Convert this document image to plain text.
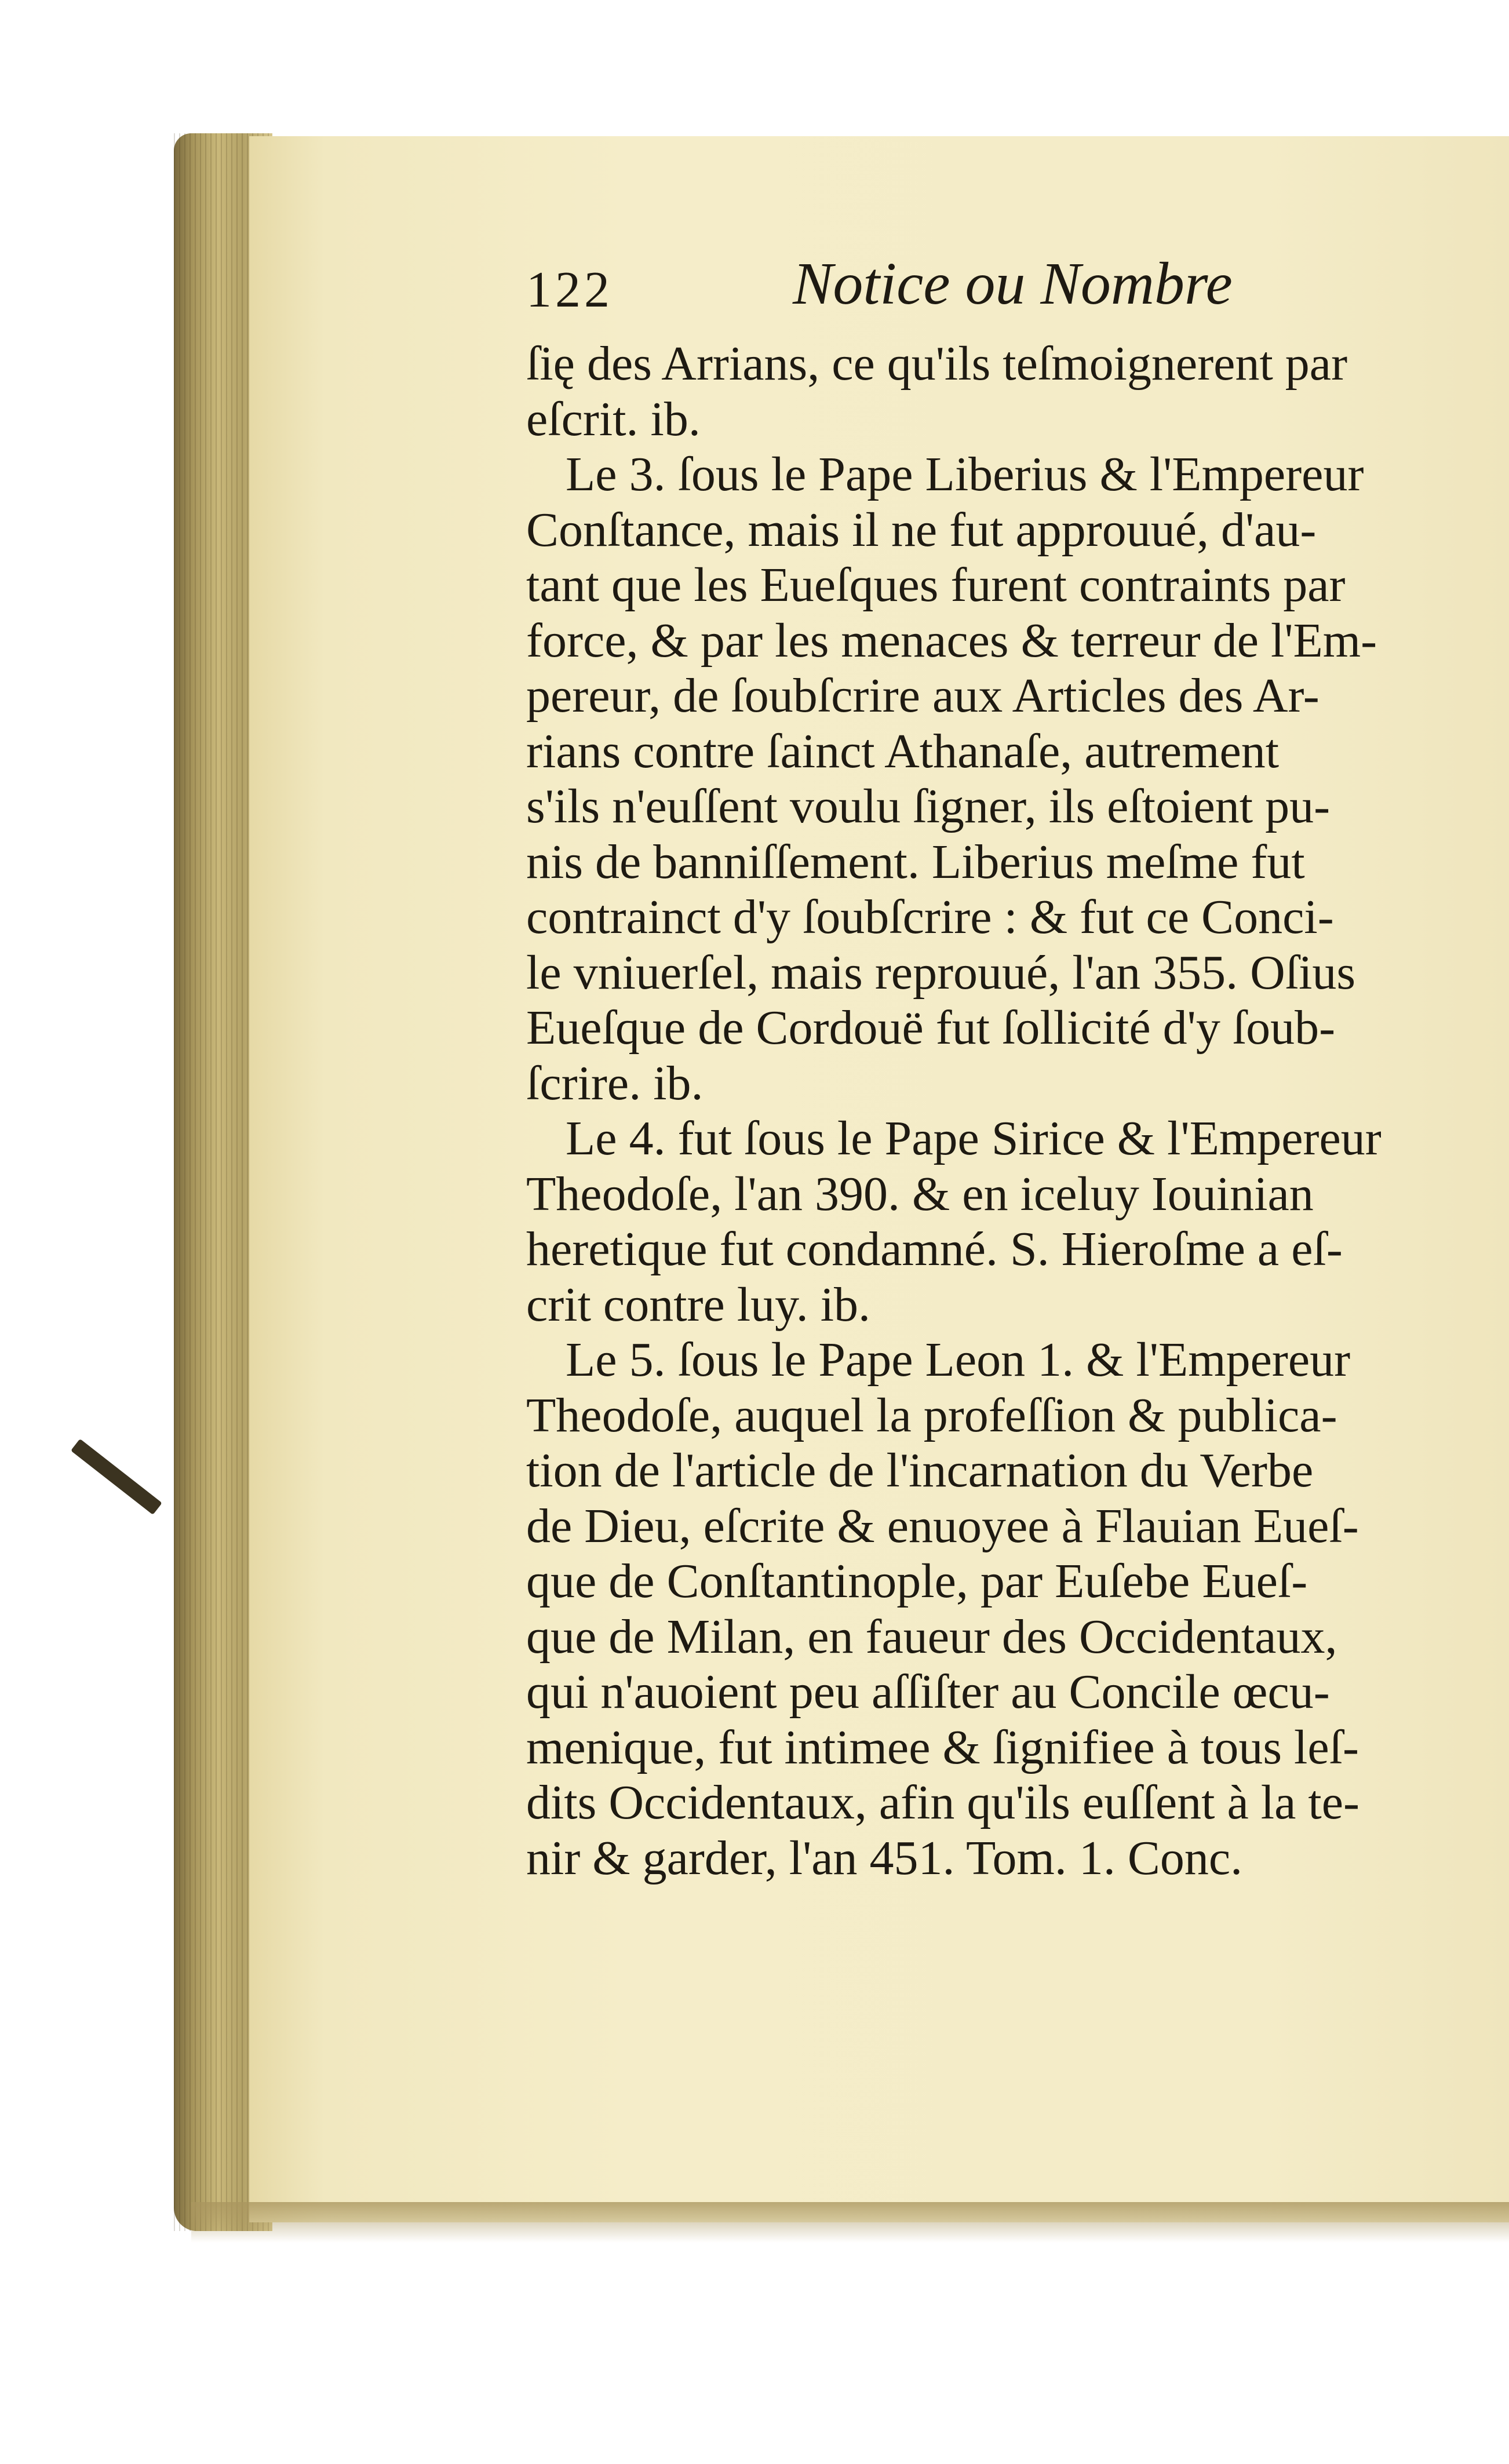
122	Notice ou Nombre
ſię des Arrians, ce qu'ils teſmoignerent par
eſcrit. ib.
Le 3. ſous le Pape Liberius & l'Empereur
Conſtance, mais il ne fut approuué, d'au-
tant que les Eueſques furent contraints par
force, & par les menaces & terreur de l'Em-
pereur, de ſoubſcrire aux Articles des Ar-
rians contre ſainct Athanaſe, autrement
s'ils n'euſſent voulu ſigner, ils eſtoient pu-
nis de banniſſement. Liberius meſme fut
contrainct d'y ſoubſcrire : & fut ce Conci-
le vniuerſel, mais reprouué, l'an 355. Oſius
Eueſque de Cordouë fut ſollicité d'y ſoub-
ſcrire. ib.
Le 4. fut ſous le Pape Sirice & l'Empereur
Theodoſe, l'an 390. & en iceluy Iouinian
heretique fut condamné. S. Hieroſme a eſ-
crit contre luy. ib.
Le 5. ſous le Pape Leon 1. & l'Empereur
Theodoſe, auquel la profeſſion & publica-
tion de l'article de l'incarnation du Verbe
de Dieu, eſcrite & enuoyee à Flauian Eueſ-
que de Conſtantinople, par Euſebe Eueſ-
que de Milan, en faueur des Occidentaux,
qui n'auoient peu aſſiſter au Concile œcu-
menique, fut intimee & ſignifiee à tous leſ-
dits Occidentaux, afin qu'ils euſſent à la te-
nir & garder, l'an 451. Tom. 1. Conc.
